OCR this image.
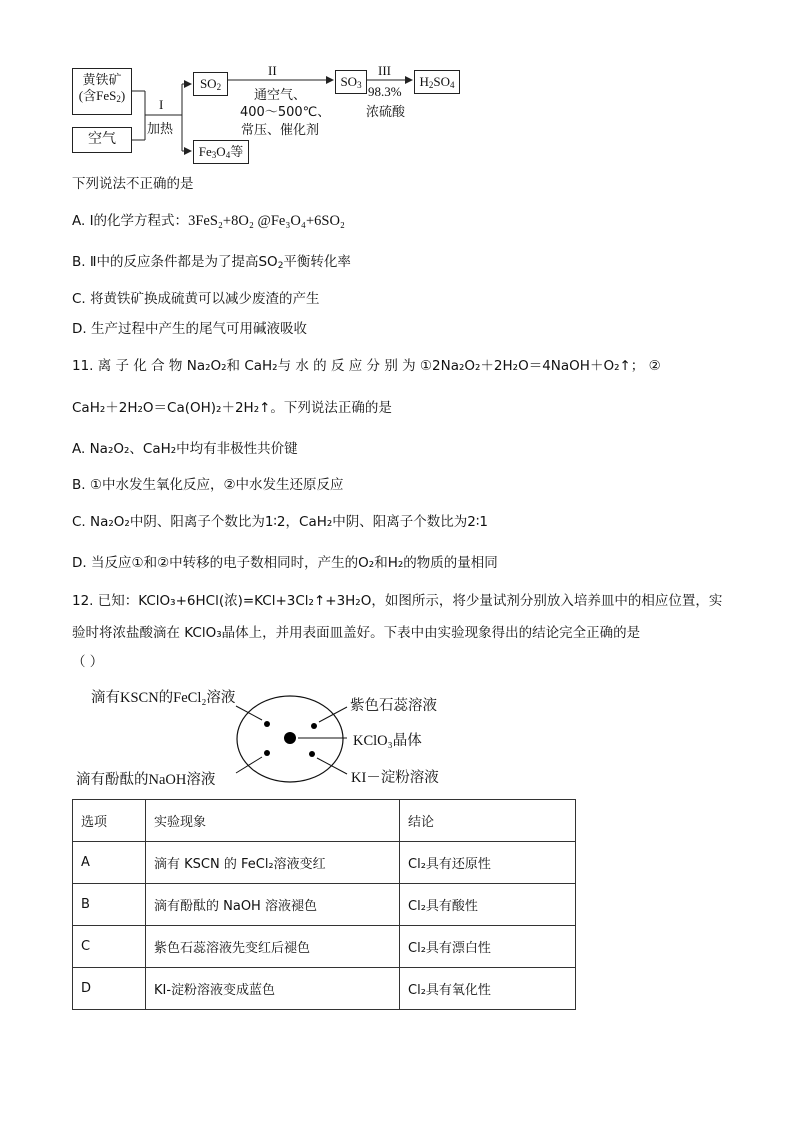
黄铁矿
(含FeS$_2$)
空气
I
加热
$SO_2$
II
通空气、
400～500℃、
常压、催化剂
$SO_3$
III
98.3%
浓硫酸
$H_2SO_4$
$Fe_3O_4$等
下列说法不正确的是
A. I的化学方程式：3FeS₂+8O₂ @Fe₃O₄+6SO₂
B. Ⅱ中的反应条件都是为了提高$SO_2$平衡转化率
C. 将黄铁矿换成硫黄可以减少废渣的产生
D. 生产过程中产生的尾气可用碱液吸收
11. 离 子 化 合 物 Na₂O₂和 CaH₂与 水 的 反 应 分 别 为 ①2Na₂O₂＋2H₂O＝4NaOH＋O₂↑； ②
CaH₂＋2H₂O＝Ca(OH)₂＋2H₂↑。下列说法正确的是
A. Na₂O₂、CaH₂中均有非极性共价键
B. ①中水发生氧化反应，②中水发生还原反应
C. Na₂O₂中阴、阳离子个数比为1∶2，CaH₂中阴、阳离子个数比为2∶1
D. 当反应①和②中转移的电子数相同时，产生的O₂和H₂的物质的量相同
12. 已知：KClO₃+6HCl(浓)=KCl+3Cl₂↑+3H₂O，如图所示，将少量试剂分别放入培养皿中的相应位置，实
验时将浓盐酸滴在 KClO₃晶体上，并用表面皿盖好。下表中由实验现象得出的结论完全正确的是
（ ）
滴有KSCN的FeCl₂溶液	紫色石蕊溶液
KClO₃晶体
滴有酚酞的NaOH溶液	KI－淀粉溶液
选项	实验现象	结论
A	滴有 KSCN 的 FeCl₂溶液变红	Cl₂具有还原性
B	滴有酚酞的 NaOH 溶液褪色	Cl₂具有酸性
C	紫色石蕊溶液先变红后褪色	Cl₂具有漂白性
D	KI-淀粉溶液变成蓝色	Cl₂具有氧化性
